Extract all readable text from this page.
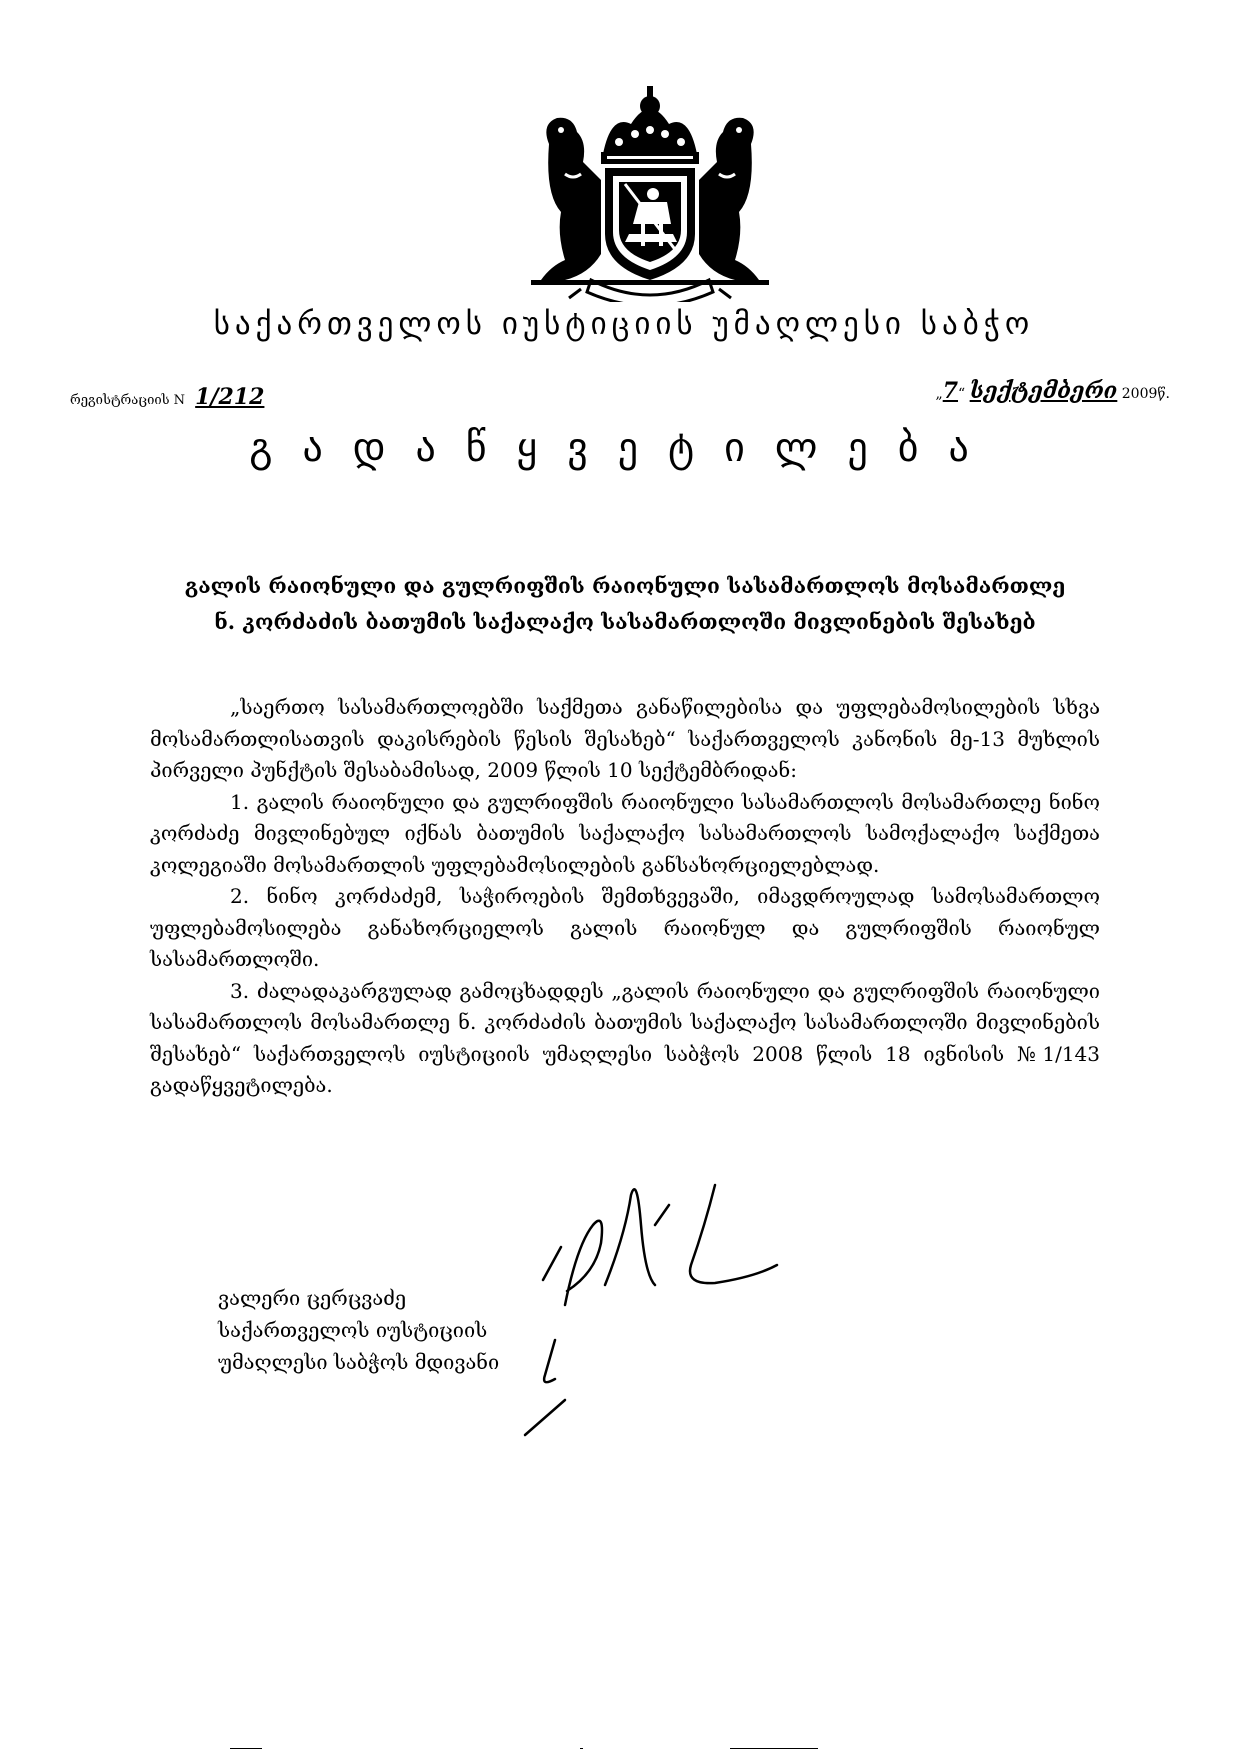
საქართველოს იუსტიციის უმაღლესი საბჭო
რეგისტრაციის N 1/212	„7“ სექტემბერი 2009წ.
გადაწყვეტილება
გალის რაიონული და გულრიფშის რაიონული სასამართლოს მოსამართლე
ნ. კორძაძის ბათუმის საქალაქო სასამართლოში მივლინების შესახებ

„საერთო სასამართლოებში საქმეთა განაწილებისა და უფლებამოსილების სხვა მოსამართლისათვის დაკისრების წესის შესახებ“ საქართველოს კანონის მე-13 მუხლის პირველი პუნქტის შესაბამისად, 2009 წლის 10 სექტემბრიდან:

1. გალის რაიონული და გულრიფშის რაიონული სასამართლოს მოსამართლე ნინო კორძაძე მივლინებულ იქნას ბათუმის საქალაქო სასამართლოს სამოქალაქო საქმეთა კოლეგიაში მოსამართლის უფლებამოსილების განსახორციელებლად.

2. ნინო კორძაძემ, საჭიროების შემთხვევაში, იმავდროულად სამოსამართლო უფლებამოსილება განახორციელოს გალის რაიონულ და გულრიფშის რაიონულ სასამართლოში.

3. ძალადაკარგულად გამოცხადდეს „გალის რაიონული და გულრიფშის რაიონული სასამართლოს მოსამართლე ნ. კორძაძის ბათუმის საქალაქო სასამართლოში მივლინების შესახებ“ საქართველოს იუსტიციის უმაღლესი საბჭოს 2008 წლის 18 ივნისის №1/143 გადაწყვეტილება.

ვალერი ცერცვაძე
საქართველოს იუსტიციის
უმაღლესი საბჭოს მდივანი
